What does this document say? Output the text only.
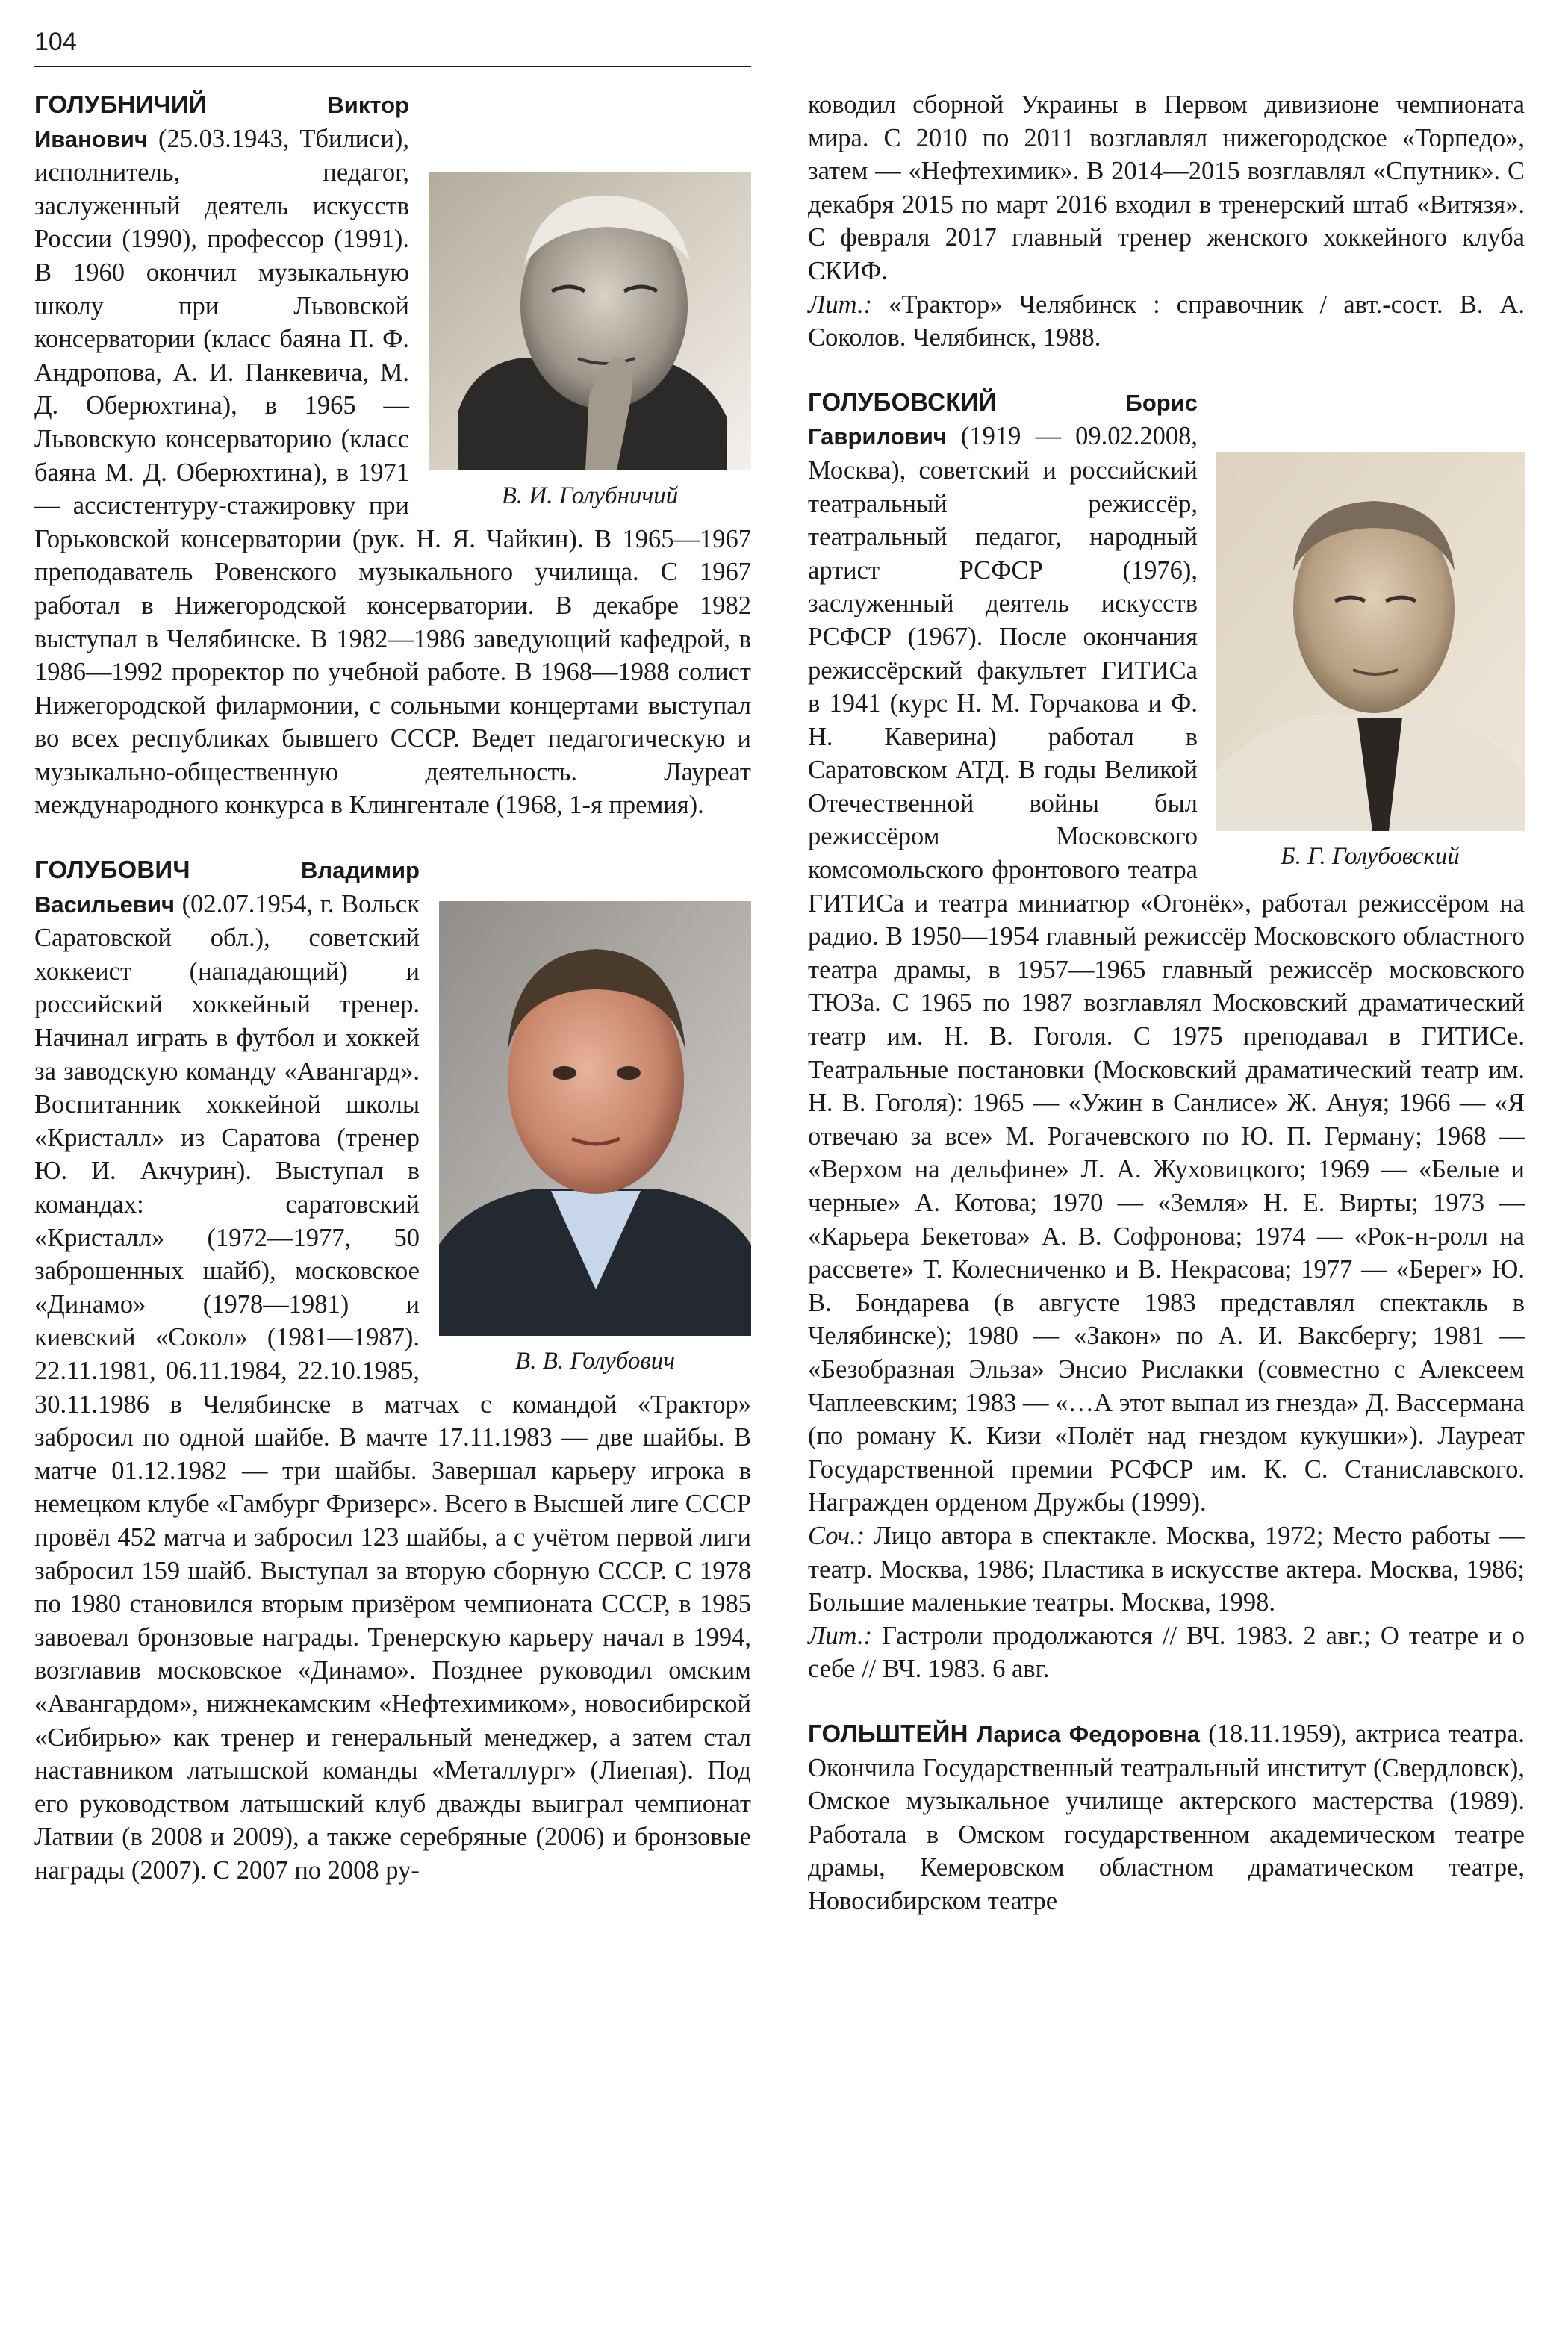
104
В. И. Голубничий

ГОЛУБНИЧИЙ	Виктор Иванович (25.03.1943, Тбилиси), исполнитель, педагог, заслуженный деятель искусств России (1990), профессор (1991). В 1960 окончил музыкальную школу при Львовской консерватории (класс баяна П. Ф. Андропова, А. И. Панкевича, М. Д. Оберюхтина), в 1965 — Львовскую консерваторию (класс баяна М. Д. Оберюхтина), в 1971 — ассистентуру-стажировку при Горьковской консерватории (рук. Н. Я. Чайкин). В 1965—1967 преподаватель Ровенского музыкального училища. С 1967 работал в Нижегородской консерватории. В декабре 1982 выступал в Челябинске. В 1982—1986 заведующий кафедрой, в 1986—1992 проректор по учебной работе. В 1968—1988 солист Нижегородской филармонии, с сольными концертами выступал во всех республиках бывшего СССР. Ведет педагогическую и музыкально-общественную деятельность. Лауреат международного конкурса в Клингентале (1968, 1-я премия).

В. В. Голубович

ГОЛУБОВИЧ	Владимир Васильевич (02.07.1954, г. Вольск Саратовской обл.), советский хоккеист (нападающий) и российский хоккейный тренер. Начинал играть в футбол и хоккей за заводскую команду «Авангард». Воспитанник хоккейной школы «Кристалл» из Саратова (тренер Ю. И. Акчурин). Выступал в командах: саратовский «Кристалл» (1972—1977, 50 заброшенных шайб), московское «Динамо» (1978—1981) и киевский «Сокол» (1981—1987). 22.11.1981, 06.11.1984, 22.10.1985, 30.11.1986 в Челябинске в матчах с командой «Трактор» забросил по одной шайбе. В мачте 17.11.1983 — две шайбы. В матче 01.12.1982 — три шайбы. Завершал карьеру игрока в немецком клубе «Гамбург Фризерс». Всего в Высшей лиге СССР провёл 452 матча и забросил 123 шайбы, а с учётом первой лиги забросил 159 шайб. Выступал за вторую сборную СССР. С 1978 по 1980 становился вторым призёром чемпионата СССР, в 1985 завоевал бронзовые награды. Тренерскую карьеру начал в 1994, возглавив московское «Динамо». Позднее руководил омским «Авангардом», нижнекамским «Нефтехимиком», новосибирской «Сибирью» как тренер и генеральный менеджер, а затем стал наставником латышской команды «Металлург» (Лиепая). Под его руководством латышский клуб дважды выиграл чемпионат Латвии (в 2008 и 2009), а также серебряные (2006) и бронзовые награды (2007). С 2007 по 2008 ру-

ководил сборной Украины в Первом дивизионе чемпионата мира. С 2010 по 2011 возглавлял нижегородское «Торпедо», затем — «Нефтехимик». В 2014—2015 возглавлял «Спутник». С декабря 2015 по март 2016 входил в тренерский штаб «Витязя». С февраля 2017 главный тренер женского хоккейного клуба СКИФ.

Лит.: «Трактор» Челябинск : справочник / авт.-сост. В. А. Соколов. Челябинск, 1988.

Б. Г. Голубовский

ГОЛУБОВСКИЙ	Борис Гаврилович (1919 — 09.02.2008, Москва), советский и российский театральный режиссёр, театральный педагог, народный артист РСФСР (1976), заслуженный деятель искусств РСФСР (1967). После окончания режиссёрский факультет ГИТИСа в 1941 (курс Н. М. Горчакова и Ф. Н. Каверина) работал в Саратовском АТД. В годы Великой Отечественной войны был режиссёром Московского комсомольского фронтового театра ГИТИСа и театра миниатюр «Огонёк», работал режиссёром на радио. В 1950—1954 главный режиссёр Московского областного театра драмы, в 1957—1965 главный режиссёр московского ТЮЗа. С 1965 по 1987 возглавлял Московский драматический театр им. Н. В. Гоголя. С 1975 преподавал в ГИТИСе. Театральные постановки (Московский драматический театр им. Н. В. Гоголя): 1965 — «Ужин в Санлисе» Ж. Ануя; 1966 — «Я отвечаю за все» М. Рогачевского по Ю. П. Герману; 1968 — «Верхом на дельфине» Л. А. Жуховицкого; 1969 — «Белые и черные» А. Котова; 1970 — «Земля» Н. Е. Вирты; 1973 — «Карьера Бекетова» А. В. Софронова; 1974 — «Рок-н-ролл на рассвете» Т. Колесниченко и В. Некрасова; 1977 — «Берег» Ю. В. Бондарева (в августе 1983 представлял спектакль в Челябинске); 1980 — «Закон» по А. И. Ваксбергу; 1981 — «Безобразная Эльза» Энсио Рислакки (совместно с Алексеем Чаплеевским; 1983 — «…А этот выпал из гнезда» Д. Вассермана (по роману К. Кизи «Полёт над гнездом кукушки»). Лауреат Государственной премии РСФСР им. К. С. Станиславского. Награжден орденом Дружбы (1999).

Соч.: Лицо автора в спектакле. Москва, 1972; Место работы — театр. Москва, 1986; Пластика в искусстве актера. Москва, 1986; Большие маленькие театры. Москва, 1998.

Лит.: Гастроли продолжаются // ВЧ. 1983. 2 авг.; О театре и о себе // ВЧ. 1983. 6 авг.

ГОЛЬШТЕЙН Лариса Федоровна (18.11.1959), актриса театра. Окончила Государственный театральный институт (Свердловск), Омское музыкальное училище актерского мастерства (1989). Работала в Омском государственном академическом театре драмы, Кемеровском областном драматическом театре, Новосибирском театре
